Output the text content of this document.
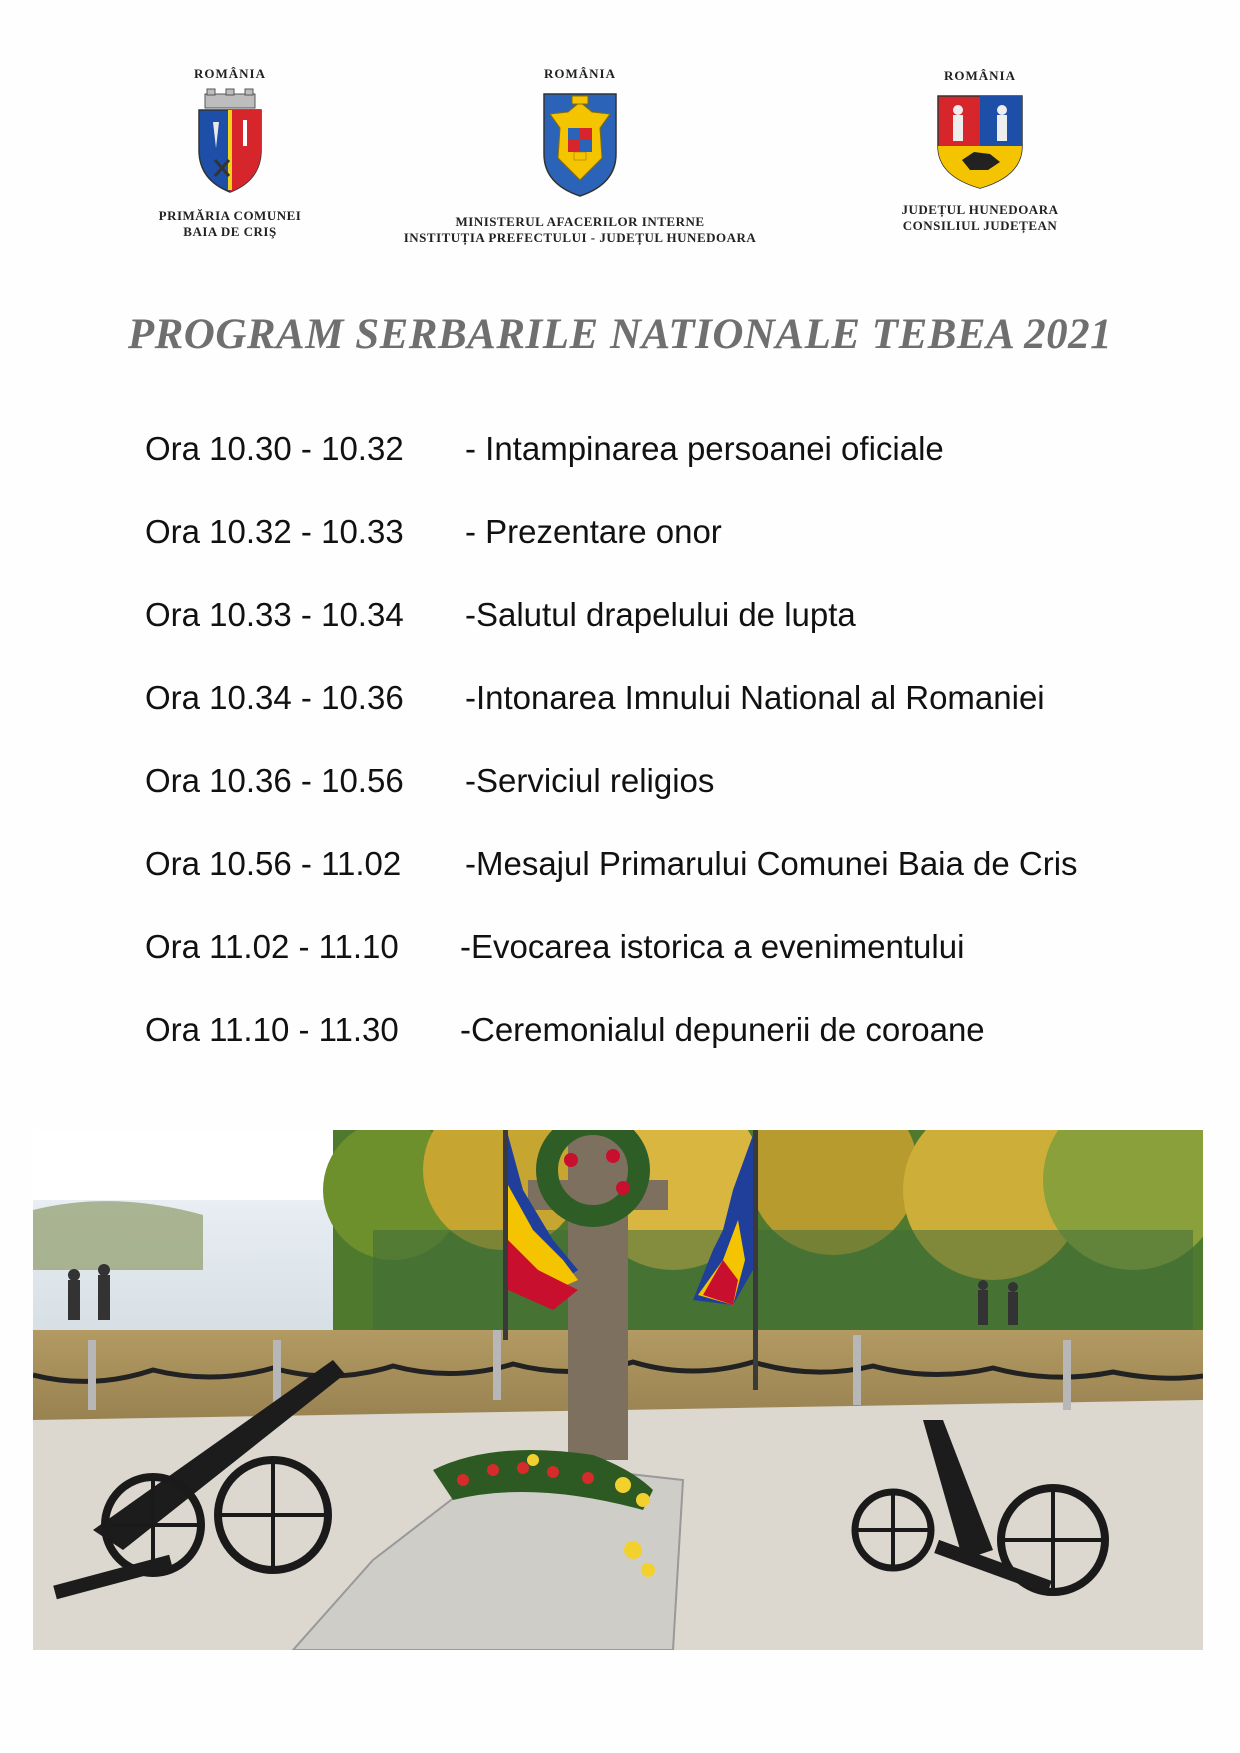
ROMÂNIA
PRIMĂRIA COMUNEI
BAIA DE CRIŞ
ROMÂNIA
MINISTERUL AFACERILOR INTERNE
INSTITUȚIA PREFECTULUI - JUDEȚUL HUNEDOARA
ROMÂNIA
JUDEȚUL HUNEDOARA
CONSILIUL JUDEȚEAN
PROGRAM SERBARILE NATIONALE TEBEA 2021
Ora 10.30 - 10.32 - Intampinarea persoanei oficiale
Ora 10.32 - 10.33 - Prezentare onor
Ora 10.33 - 10.34 -Salutul drapelului de lupta
Ora 10.34 - 10.36 -Intonarea Imnului National al Romaniei
Ora 10.36 - 10.56 -Serviciul religios
Ora 10.56 - 11.02 -Mesajul Primarului Comunei Baia de Cris
Ora 11.02 - 11.10 -Evocarea istorica a evenimentului
Ora 11.10 - 11.30 -Ceremonialul depunerii de coroane
